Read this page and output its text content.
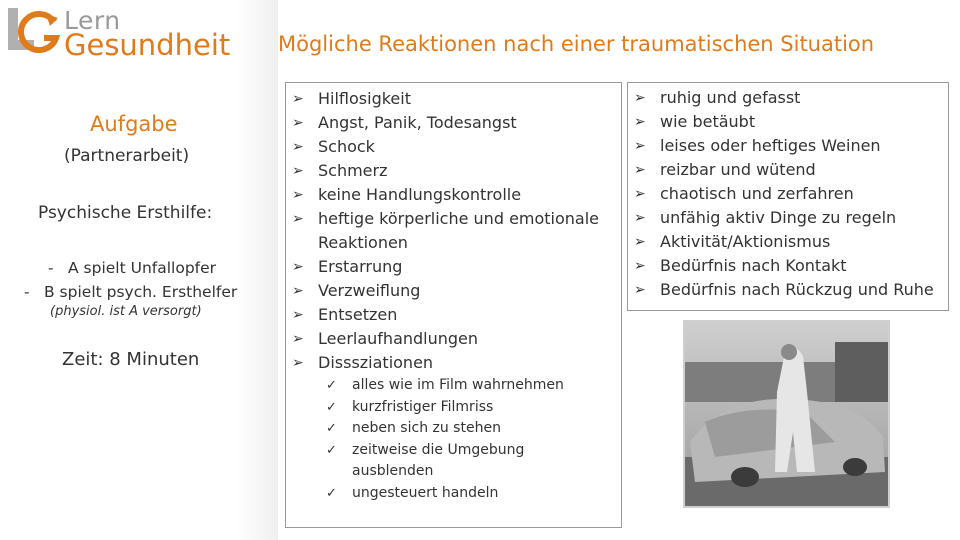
Lern
Gesundheit Mögliche Reaktionen nach einer traumatischen Situation
Aufgabe
(Partnerarbeit)
Psychische Ersthilfe:
- A spielt Unfallopfer
- B spielt psych. Ersthelfer
(physiol. ist A versorgt)
Zeit: 8 Minuten
➢ Hilflosigkeit
➢ Angst, Panik, Todesangst
➢ Schock
➢ Schmerz
➢ keine Handlungskontrolle
➢ heftige körperliche und emotionale Reaktionen
➢ Erstarrung
➢ Verzweiflung
➢ Entsetzen
➢ Leerlaufhandlungen
➢ Disssziationen
✓ alles wie im Film wahrnehmen
✓ kurzfristiger Filmriss
✓ neben sich zu stehen
✓ zeitweise die Umgebung ausblenden
✓ ungesteuert handeln
➢ ruhig und gefasst
➢ wie betäubt
➢ leises oder heftiges Weinen
➢ reizbar und wütend
➢ chaotisch und zerfahren
➢ unfähig aktiv Dinge zu regeln
➢ Aktivität/Aktionismus
➢ Bedürfnis nach Kontakt
➢ Bedürfnis nach Rückzug und Ruhe
